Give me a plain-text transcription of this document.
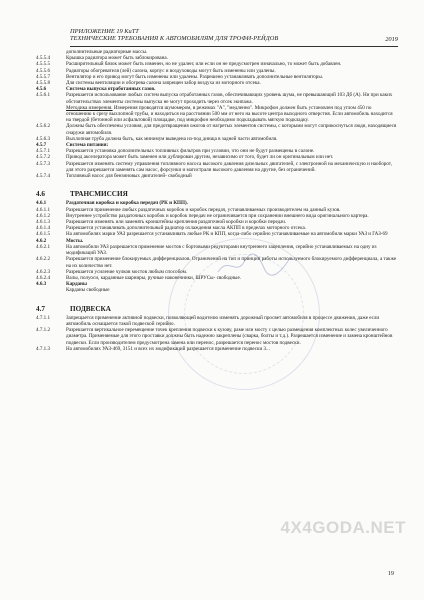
ПРИЛОЖЕНИЕ 19 КиТТ
ТЕХНИЧЕСКИЕ ТРЕБОВАНИЯ К АВТОМОБИЛЯМ ДЛЯ ТРОФИ-РЕЙДОВ	2019
дополнительные радиаторные массы.
4.5.5.4	Крышка радиатора может быть заблокирована.
4.5.5.5	Расширительный бачок может быть изменен, но не удален; или если он не предусмотрен изначально, то может быть добавлен.
4.5.5.6	Радиаторы обогревателя (лей) салона, корпус и воздуховоды могут быть изменены или удалены.
4.5.5.7	Вентилятор и его привод могут быть изменены или удалены. Разрешено устанавливать дополнительные вентиляторы.
4.5.5.8	Для системы вентиляции и обогрева салона запрещен забор воздуха из моторного отсека.
4.5.6	Система выпуска отработанных газов.
4.5.6.1	Разрешается использование любых систем выпуска отработанных газов, обеспечивающих уровень шума, не превышающий 103 Дб (А). Ни при каких обстоятельствах элементы системы выпуска не могут проходить через отсек экипажа.
Методика измерения. Измерения проводятся шумомером, в режимах "А", "медленно". Микрофон должен быть установлен под углом 450 по отношению к срезу выхлопной трубы, и находиться на расстоянии 500 мм от него на высоте центра выходного отверстия. Если автомобиль находится на твердой (бетонной или асфальтовой) площадке, под микрофон необходимо подкладывать мягкую подкладку.
4.5.6.2	Должны быть обеспечены условия, для предотвращения ожогов от нагретых элементов системы, с которыми могут соприкоснуться люди, находящиеся снаружи автомобиля.
4.5.6.3	Выхлопная труба должна быть, как минимум выведена из-под днища в задней части автомобиля.
4.5.7	Система питания:
4.5.7.1	Разрешается установка дополнительных топливных фильтров при условии, что они не будут размещены в салоне.
4.5.7.2	Привод акселератора может быть заменен или дублирован другим, независимо от того, будет ли он оригинальным или нет.
4.5.7.3	Разрешается изменять систему управления топливного насоса высокого давления дизельных двигателей, с электронной на механическую и наоборот, для этого разрешается заменять сам насос, форсунки и магистрали высокого давления на другие, без ограничений.
4.5.7.4	Топливный насос для бензиновых двигателей- свободный
4.6	ТРАНСМИССИЯ
4.6.1	Раздаточная коробка и коробка передач (РК и КПП).
4.6.1.1	Разрешается применение любых раздаточных коробок и коробок передач, устанавливаемых производителем на данный кузов.
4.6.1.2	Внутреннее устройство раздаточных коробок и коробок передач не ограничивается при сохранении внешнего вида оригинального картера.
4.6.1.3	Разрешается изменять или заменять кронштейны крепления раздаточной коробки и коробки передач.
4.6.1.4	Разрешается устанавливать дополнительный радиатор охлаждения масла АКПП в пределах моторного отсека.
4.6.1.5	На автомобилях марки УАЗ разрешается устанавливать любые РК и КПП, когда-либо серийно устанавливаемые на автомобили марки УАЗ и ГАЗ-69
4.6.2	Мосты.
4.6.2.1	На автомобили УАЗ разрешается применение мостов с бортовыми редукторами внутреннего зацепления, серийно устанавливаемых на одну из модификаций УАЗ.
4.6.2.2	Разрешается применение блокируемых дифференциалов. Ограничений на тип и принцип работы используемого блокируемого дифференциала, а также на их количество нет.
4.6.2.3	Разрешается усиление чулков мостов любым способом.
4.6.2.4	Валы, полуоси, карданные шарниры, ручные наконечники, ШРУСы- свободные.
4.6.3	Карданы
Карданы свободные
4.7	ПОДВЕСКА
4.7.1.1	Запрещается применение активной подвески, позволяющей водителю изменять дорожный просвет автомобиля в процессе движения, даже если автомобиль оснащается такой подвеской серийно.
4.7.1.2	Разрешается вертикальное перемещение точек крепления подвески к кузову, раме или мосту с целью размещения комплектных колес увеличенного диаметра. Применяемые для этого проставки должны быть надежно закреплены (сварка, болты и т.д.). Разрешается изменение и замена кронштейнов подвески. Если производителем предусмотрена замена или перенос, разрешается перенос мостов подвески.
4.7.1.3	На автомобилях УАЗ-469, 3151 и всех их модификаций разрешается применение подвески 3...
4X4GODA.NET
19
